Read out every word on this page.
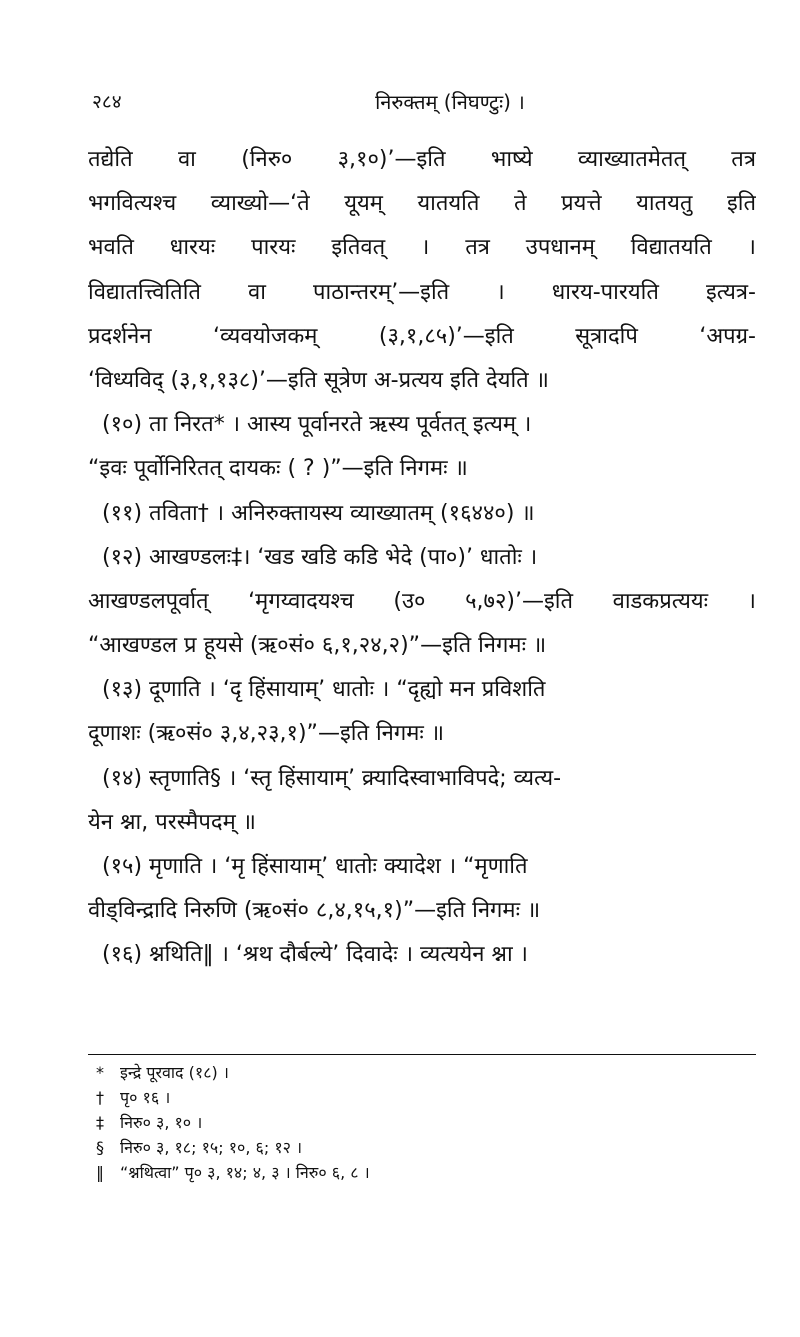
२८४	निरुक्तम् (निघण्टुः) ।
तद्येति वा (निरु० ३,१०)’—इति भाष्ये व्याख्यातमेतत् तत्र
भगवित्यश्च व्याख्यो—‘ते यूयम् यातयति ते प्रयत्ते यातयतु इति
भवति धारयः पारयः इतिवत् । तत्र उपधानम् विद्यातयति ।
विद्यातत्त्वितिति वा पाठान्तरम्’—इति । धारय-पारयति इत्यत्र-
प्रदर्शनेन ‘व्यवयोजकम् (३,१,८५)’—इति सूत्रादपि ‘अपग्र-
‘विध्यविद् (३,१,१३८)’—इति सूत्रेण अ-प्रत्यय इति देयति ॥
(१०) ता निरत* । आस्य पूर्वानरते ऋस्य पूर्वतत् इत्यम् ।
“इवः पूर्वोनिरितत् दायकः ( ? )”—इति निगमः ॥
(११) तविता† । अनिरुक्तायस्य व्याख्यातम् (१६४४०) ॥
(१२) आखण्डलः‡। ‘खड खडि कडि भेदे (पा०)’ धातोः ।
आखण्डलपूर्वात् ‘मृगय्वादयश्च (उ० ५,७२)’—इति वाडकप्रत्ययः ।
“आखण्डल प्र हूयसे (ऋ०सं० ६,१,२४,२)”—इति निगमः ॥
(१३) दूणाति । ‘दृ हिंसायाम्’ धातोः । “दृह्यो मन प्रविशति
दूणाशः (ऋ०सं० ३,४,२३,१)”—इति निगमः ॥
(१४) स्तृणाति§ । ‘स्तृ हिंसायाम्’ क्र्यादिस्वाभाविपदे; व्यत्य-
येन श्ना, परस्मैपदम् ॥
(१५) मृणाति । ‘मृ हिंसायाम्’ धातोः क्यादेश । “मृणाति
वीड्विन्द्रादि निरुणि (ऋ०सं० ८,४,१५,१)”—इति निगमः ॥
(१६) श्नथिति‖ । ‘श्रथ दौर्बल्ये’ दिवादेः । व्यत्ययेन श्ना ।
* इन्द्रे पूरवाद (१८) ।
† पृ० १६ ।
‡ निरु० ३, १० ।
§ निरु० ३, १८; १५; १०, ६; १२ ।
‖ “श्नथित्वा” पृ० ३, १४; ४, ३ । निरु० ६, ८ ।
